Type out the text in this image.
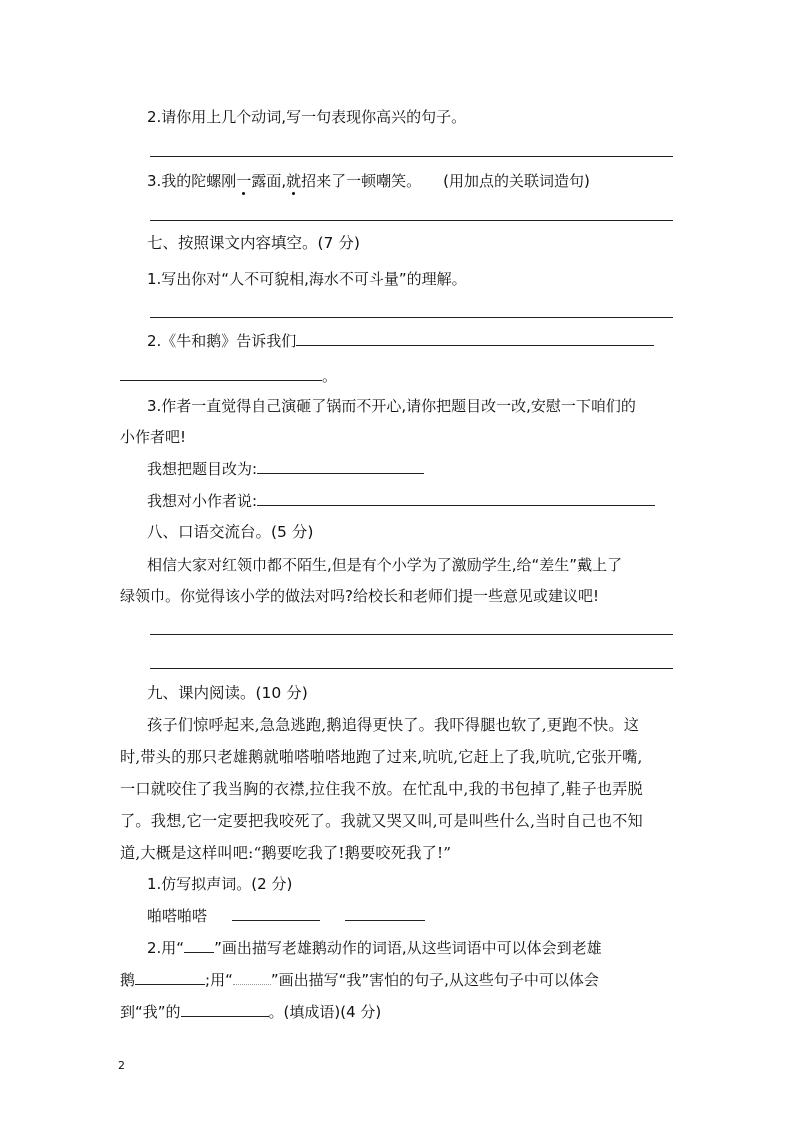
2.请你用上几个动词,写一句表现你高兴的句子。
3.我的陀螺刚一露面,就招来了一顿嘲笑。 (用加点的关联词造句)
七、按照课文内容填空。(7 分)
1.写出你对“人不可貌相,海水不可斗量”的理解。
2.《牛和鹅》告诉我们
。
3.作者一直觉得自己演砸了锅而不开心,请你把题目改一改,安慰一下咱们的
小作者吧!
我想把题目改为:
我想对小作者说:
八、口语交流台。(5 分)
相信大家对红领巾都不陌生,但是有个小学为了激励学生,给“差生”戴上了
绿领巾。你觉得该小学的做法对吗?给校长和老师们提一些意见或建议吧!
九、课内阅读。(10 分)
孩子们惊呼起来,急急逃跑,鹅追得更快了。我吓得腿也软了,更跑不快。这
时,带头的那只老雄鹅就啪嗒啪嗒地跑了过来,吭吭,它赶上了我,吭吭,它张开嘴,
一口就咬住了我当胸的衣襟,拉住我不放。在忙乱中,我的书包掉了,鞋子也弄脱
了。我想,它一定要把我咬死了。我就又哭又叫,可是叫些什么,当时自己也不知
道,大概是这样叫吧:“鹅要吃我了!鹅要咬死我了!”
1.仿写拟声词。(2 分)
啪嗒啪嗒
2.用“ ”画出描写老雄鹅动作的词语,从这些词语中可以体会到老雄
鹅	;用“	”画出描写“我”害怕的句子,从这些句子中可以体会
到“我”的	。(填成语)(4 分)
2
